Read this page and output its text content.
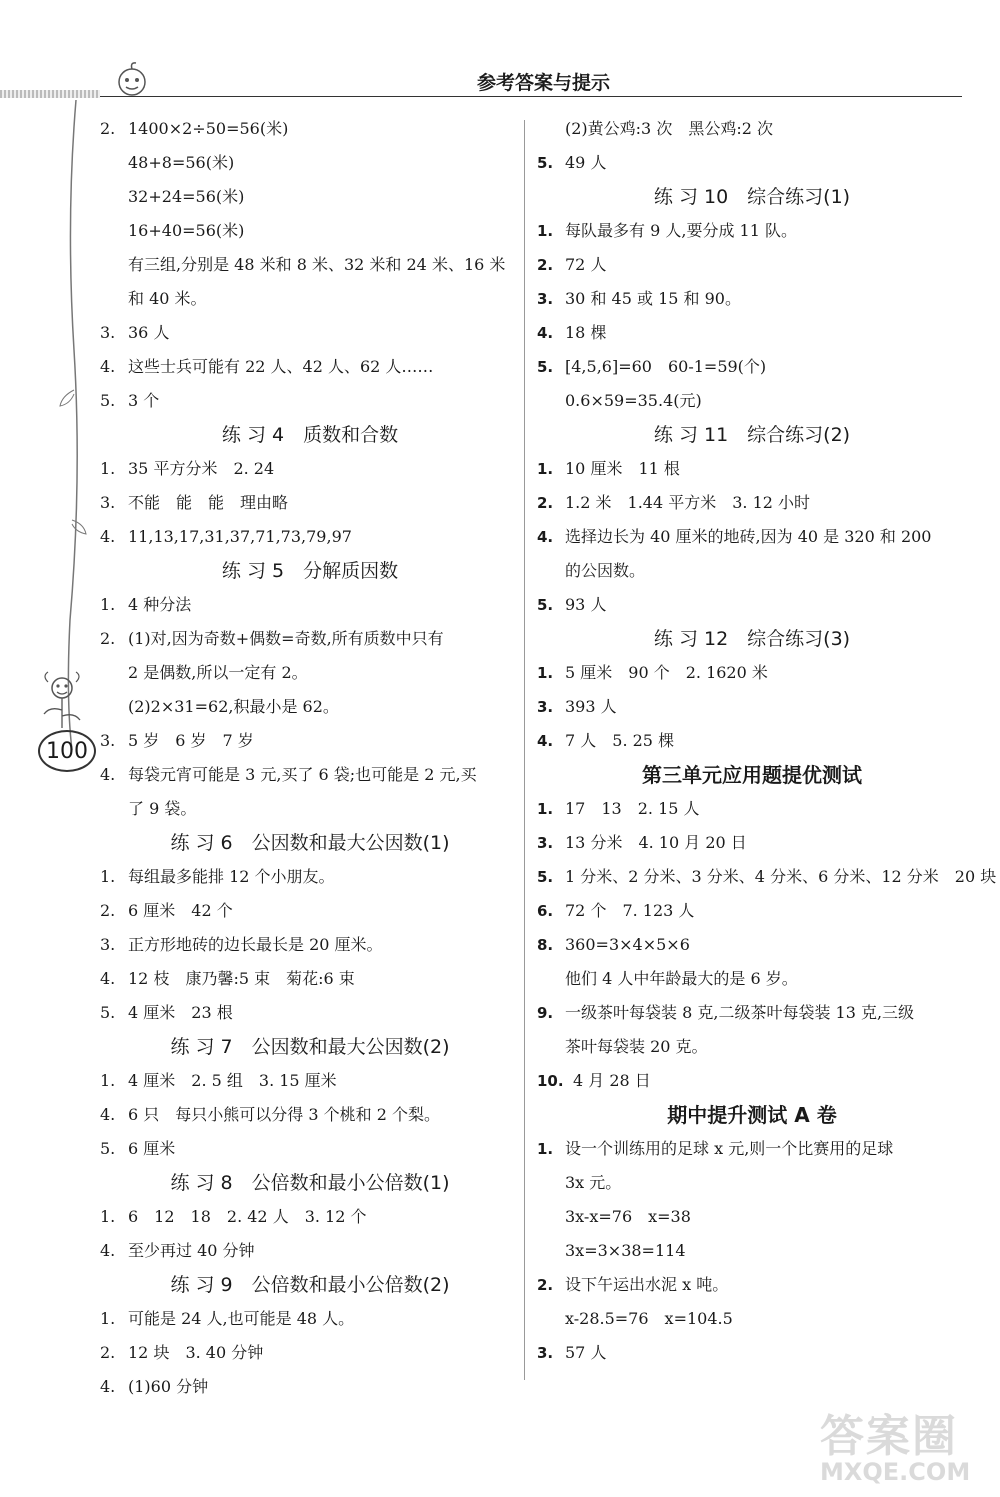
参考答案与提示
100
2. 1400×2÷50=56(米)
48+8=56(米)
32+24=56(米)
16+40=56(米)
有三组,分别是 48 米和 8 米、32 米和 24 米、16 米
和 40 米。
3. 36 人
4. 这些士兵可能有 22 人、42 人、62 人……
5. 3 个
练 习 4　质数和合数
1. 35 平方分米　2. 24
3. 不能　能　能　理由略
4. 11,13,17,31,37,71,73,79,97
练 习 5　分解质因数
1. 4 种分法
2. (1)对,因为奇数+偶数=奇数,所有质数中只有
2 是偶数,所以一定有 2。
(2)2×31=62,积最小是 62。
3. 5 岁　6 岁　7 岁
4. 每袋元宵可能是 3 元,买了 6 袋;也可能是 2 元,买
了 9 袋。
练 习 6　公因数和最大公因数(1)
1. 每组最多能排 12 个小朋友。
2. 6 厘米　42 个
3. 正方形地砖的边长最长是 20 厘米。
4. 12 枝　康乃馨:5 束　菊花:6 束
5. 4 厘米　23 根
练 习 7　公因数和最大公因数(2)
1. 4 厘米　2. 5 组　3. 15 厘米
4. 6 只　每只小熊可以分得 3 个桃和 2 个梨。
5. 6 厘米
练 习 8　公倍数和最小公倍数(1)
1. 6　12　18　2. 42 人　3. 12 个
4. 至少再过 40 分钟
练 习 9　公倍数和最小公倍数(2)
1. 可能是 24 人,也可能是 48 人。
2. 12 块　3. 40 分钟
4. (1)60 分钟
(2)黄公鸡:3 次　黑公鸡:2 次
5. 49 人
练 习 10　综合练习(1)
1. 每队最多有 9 人,要分成 11 队。
2. 72 人
3. 30 和 45 或 15 和 90。
4. 18 棵
5. [4,5,6]=60　60-1=59(个)
0.6×59=35.4(元)
练 习 11　综合练习(2)
1. 10 厘米　11 根
2. 1.2 米　1.44 平方米　3. 12 小时
4. 选择边长为 40 厘米的地砖,因为 40 是 320 和 200
的公因数。
5. 93 人
练 习 12　综合练习(3)
1. 5 厘米　90 个　2. 1620 米
3. 393 人
4. 7 人　5. 25 棵
第三单元应用题提优测试
1. 17　13　2. 15 人
3. 13 分米　4. 10 月 20 日
5. 1 分米、2 分米、3 分米、4 分米、6 分米、12 分米　20 块
6. 72 个　7. 123 人
8. 360=3×4×5×6
他们 4 人中年龄最大的是 6 岁。
9. 一级茶叶每袋装 8 克,二级茶叶每袋装 13 克,三级
茶叶每袋装 20 克。
10. 4 月 28 日
期中提升测试 A 卷
1. 设一个训练用的足球 x 元,则一个比赛用的足球
3x 元。
3x-x=76　x=38
3x=3×38=114
2. 设下午运出水泥 x 吨。
x-28.5=76　x=104.5
3. 57 人
答案圈
MXQE.COM
